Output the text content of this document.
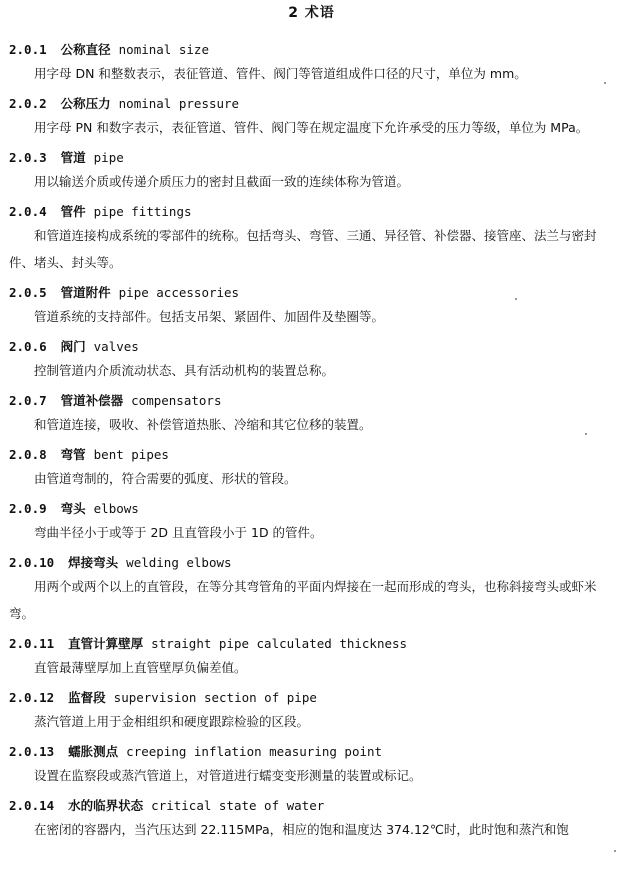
2 术语
2.0.1 公称直径 nominal size
用字母 DN 和整数表示，表征管道、管件、阀门等管道组成件口径的尺寸，单位为 mm。
2.0.2 公称压力 nominal pressure
用字母 PN 和数字表示，表征管道、管件、阀门等在规定温度下允许承受的压力等级，单位为 MPa。
2.0.3 管道 pipe
用以输送介质或传递介质压力的密封且截面一致的连续体称为管道。
2.0.4 管件 pipe fittings
和管道连接构成系统的零部件的统称。包括弯头、弯管、三通、异径管、补偿器、接管座、法兰与密封件、堵头、封头等。
2.0.5 管道附件 pipe accessories
管道系统的支持部件。包括支吊架、紧固件、加固件及垫圈等。
2.0.6 阀门 valves
控制管道内介质流动状态、具有活动机构的装置总称。
2.0.7 管道补偿器 compensators
和管道连接，吸收、补偿管道热胀、冷缩和其它位移的装置。
2.0.8 弯管 bent pipes
由管道弯制的，符合需要的弧度、形状的管段。
2.0.9 弯头 elbows
弯曲半径小于或等于 2D 且直管段小于 1D 的管件。
2.0.10 焊接弯头 welding elbows
用两个或两个以上的直管段，在等分其弯管角的平面内焊接在一起而形成的弯头，也称斜接弯头或虾米弯。
2.0.11 直管计算壁厚 straight pipe calculated thickness
直管最薄壁厚加上直管壁厚负偏差值。
2.0.12 监督段 supervision section of pipe
蒸汽管道上用于金相组织和硬度跟踪检验的区段。
2.0.13 蠕胀测点 creeping inflation measuring point
设置在监察段或蒸汽管道上，对管道进行蠕变变形测量的装置或标记。
2.0.14 水的临界状态 critical state of water
在密闭的容器内，当汽压达到 22.115MPa，相应的饱和温度达 374.12℃时，此时饱和蒸汽和饱
